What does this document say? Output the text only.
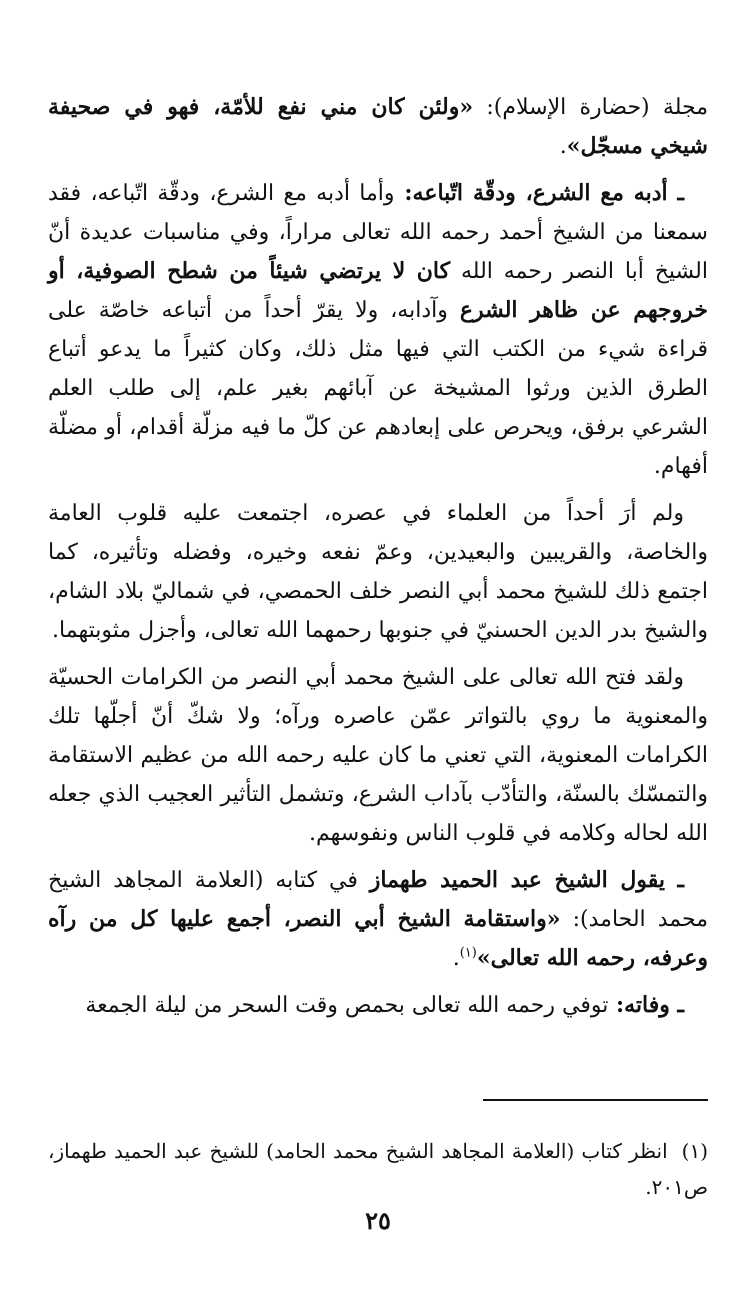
مجلة (حضارة الإسلام): «ولئن كان مني نفع للأمّة، فهو في صحيفة شيخي مسجّل».

ـ أدبه مع الشرع، ودقّة اتّباعه: وأما أدبه مع الشرع، ودقّة اتّباعه، فقد سمعنا من الشيخ أحمد رحمه الله تعالى مراراً، وفي مناسبات عديدة أنّ الشيخ أبا النصر رحمه الله كان لا يرتضي شيئاً من شطح الصوفية، أو خروجهم عن ظاهر الشرع وآدابه، ولا يقرّ أحداً من أتباعه خاصّة على قراءة شيء من الكتب التي فيها مثل ذلك، وكان كثيراً ما يدعو أتباع الطرق الذين ورثوا المشيخة عن آبائهم بغير علم، إلى طلب العلم الشرعي برفق، ويحرص على إبعادهم عن كلّ ما فيه مزلّة أقدام، أو مضلّة أفهام.

ولم أرَ أحداً من العلماء في عصره، اجتمعت عليه قلوب العامة والخاصة، والقريبين والبعيدين، وعمّ نفعه وخيره، وفضله وتأثيره، كما اجتمع ذلك للشيخ محمد أبي النصر خلف الحمصي، في شماليّ بلاد الشام، والشيخ بدر الدين الحسنيّ في جنوبها رحمهما الله تعالى، وأجزل مثوبتهما.

ولقد فتح الله تعالى على الشيخ محمد أبي النصر من الكرامات الحسيّة والمعنوية ما روي بالتواتر عمّن عاصره ورآه؛ ولا شكّ أنّ أجلّها تلك الكرامات المعنوية، التي تعني ما كان عليه رحمه الله من عظيم الاستقامة والتمسّك بالسنّة، والتأدّب بآداب الشرع، وتشمل التأثير العجيب الذي جعله الله لحاله وكلامه في قلوب الناس ونفوسهم.

ـ يقول الشيخ عبد الحميد طهماز في كتابه (العلامة المجاهد الشيخ محمد الحامد): «واستقامة الشيخ أبي النصر، أجمع عليها كل من رآه وعرفه، رحمه الله تعالى»$^{(١)}$.

ـ وفاته: توفي رحمه الله تعالى بحمص وقت السحر من ليلة الجمعة

(١)انظر كتاب (العلامة المجاهد الشيخ محمد الحامد) للشيخ عبد الحميد طهماز، ص٢٠١.
٢٥
